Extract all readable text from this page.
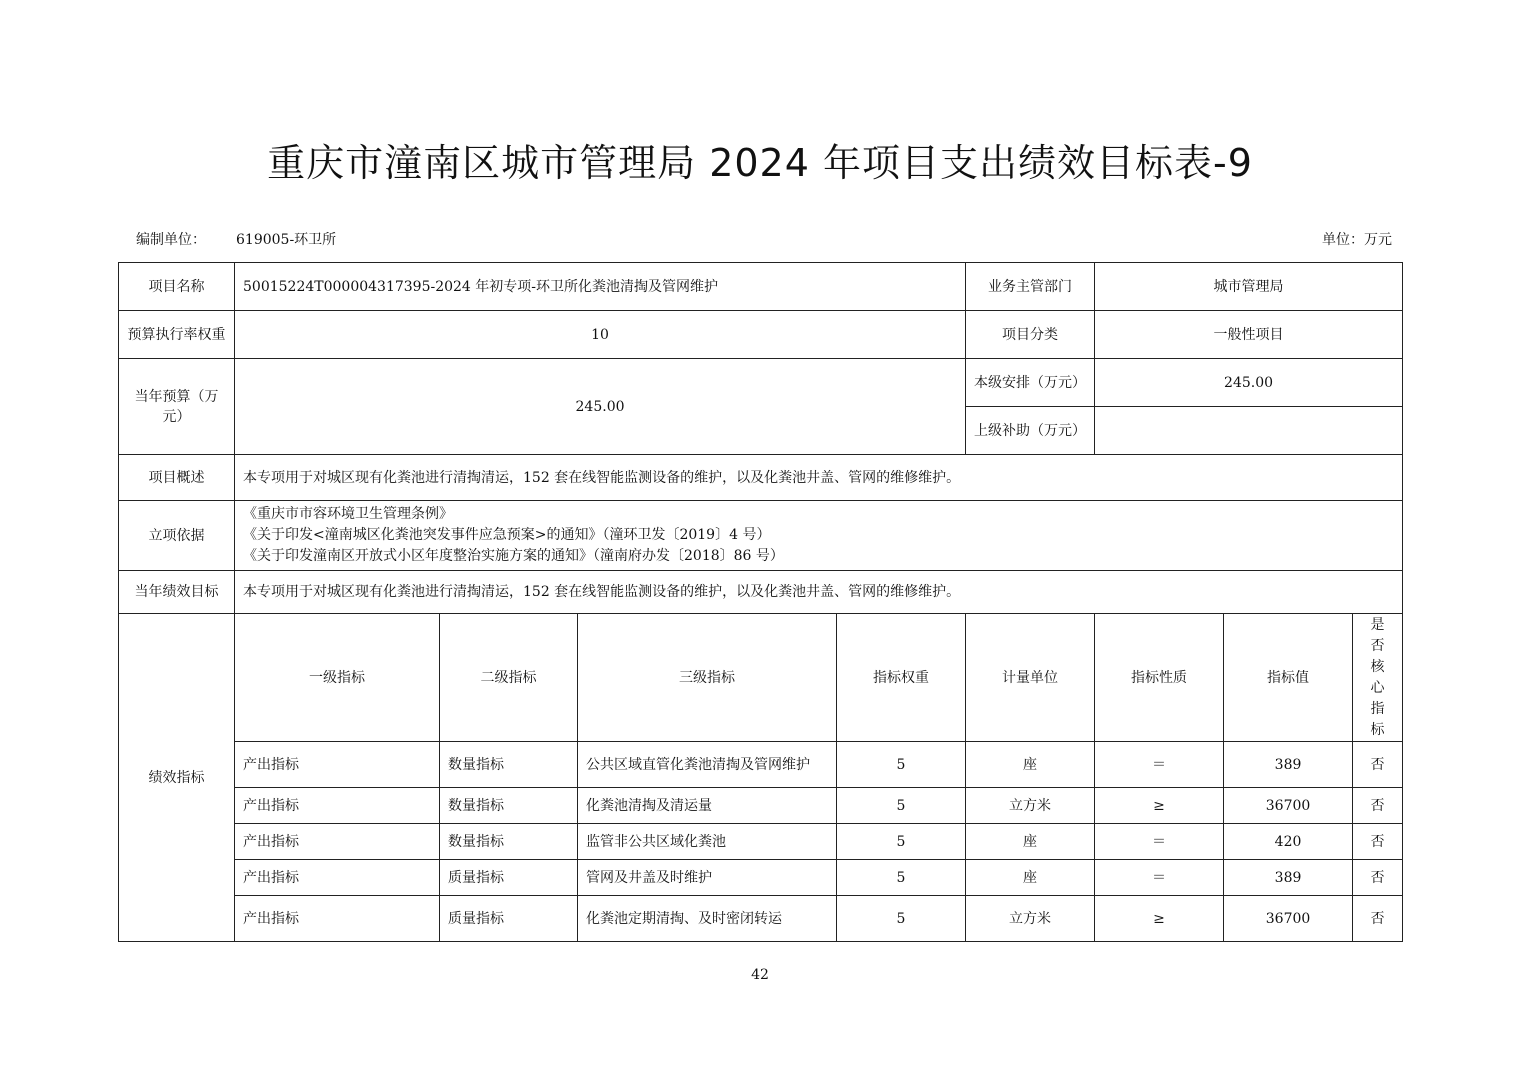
重庆市潼南区城市管理局 2024 年项目支出绩效目标表-9
编制单位： 619005-环卫所	单位：万元
项目名称	50015224T000004317395-2024 年初专项-环卫所化粪池清掏及管网维护				业务主管部门	城市管理局		
预算执行率权重	10				项目分类	一般性项目		
当年预算（万元）	245.00				本级安排（万元）	245.00		
					上级补助（万元）			
项目概述	本专项用于对城区现有化粪池进行清掏清运，152 套在线智能监测设备的维护，以及化粪池井盖、管网的维修维护。							
立项依据	《重庆市市容环境卫生管理条例》
《关于印发<潼南城区化粪池突发事件应急预案>的通知》（潼环卫发〔2019〕4 号）
《关于印发潼南区开放式小区年度整治实施方案的通知》（潼南府办发〔2018〕86 号）							

当年绩效目标	本专项用于对城区现有化粪池进行清掏清运，152 套在线智能监测设备的维护，以及化粪池井盖、管网的维修维护。							
绩效指标	一级指标	二级指标	三级指标	指标权重	计量单位	指标性质	指标值	是否核心指标

	产出指标	数量指标	公共区域直管化粪池清掏及管网维护	5	座	＝	389	否
	产出指标	数量指标	化粪池清掏及清运量	5	立方米	≥	36700	否
	产出指标	数量指标	监管非公共区域化粪池	5	座	＝	420	否
	产出指标	质量指标	管网及井盖及时维护	5	座	＝	389	否
	产出指标	质量指标	化粪池定期清掏、及时密闭转运	5	立方米	≥	36700	否
42
